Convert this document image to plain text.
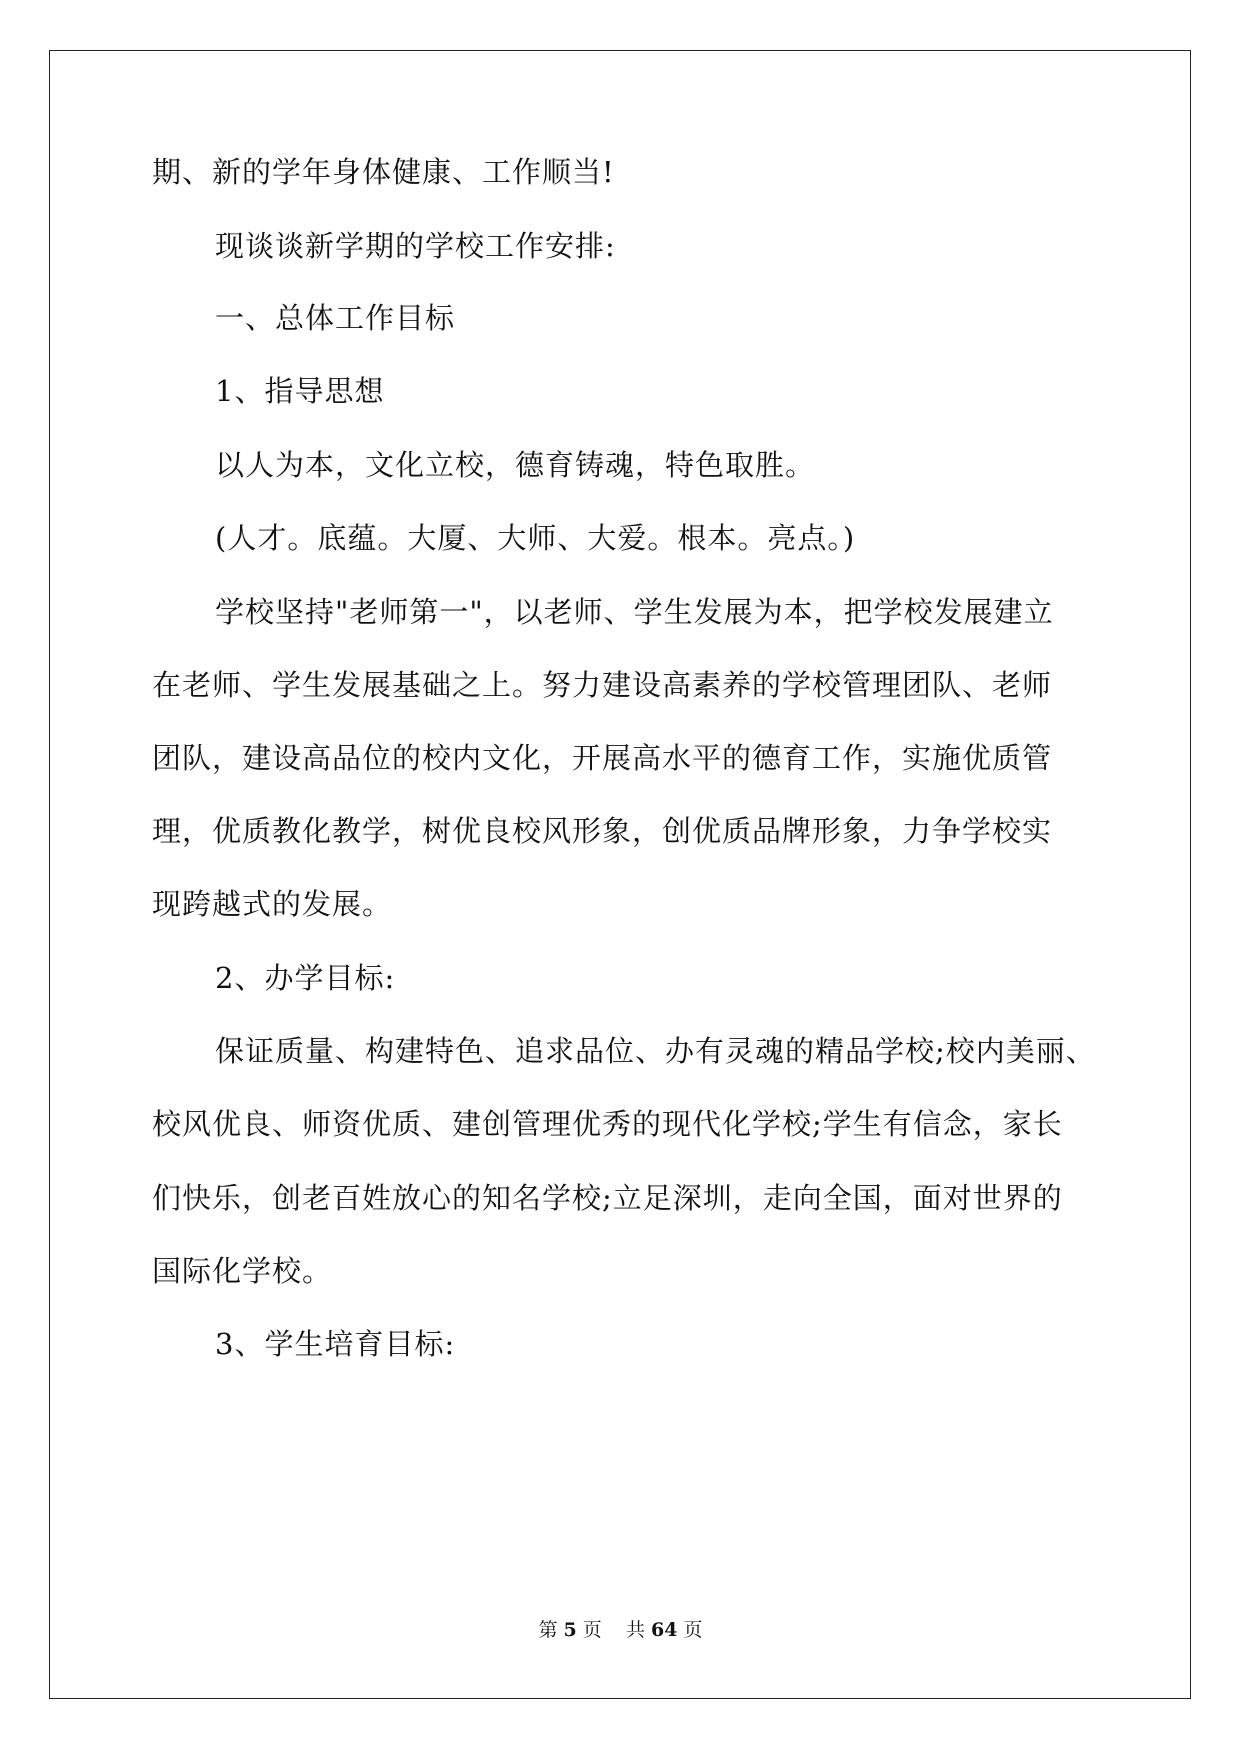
期、新的学年身体健康、工作顺当!
现谈谈新学期的学校工作安排:
一、总体工作目标
1、指导思想
以人为本，文化立校，德育铸魂，特色取胜。
(人才。底蕴。大厦、大师、大爱。根本。亮点。)
学校坚持"老师第一"，以老师、学生发展为本，把学校发展建立
在老师、学生发展基础之上。努力建设高素养的学校管理团队、老师
团队，建设高品位的校内文化，开展高水平的德育工作，实施优质管
理，优质教化教学，树优良校风形象，创优质品牌形象，力争学校实
现跨越式的发展。
2、办学目标:
保证质量、构建特色、追求品位、办有灵魂的精品学校;校内美丽、
校风优良、师资优质、建创管理优秀的现代化学校;学生有信念，家长
们快乐，创老百姓放心的知名学校;立足深圳，走向全国，面对世界的
国际化学校。
3、学生培育目标:
第 5 页    共 64 页
